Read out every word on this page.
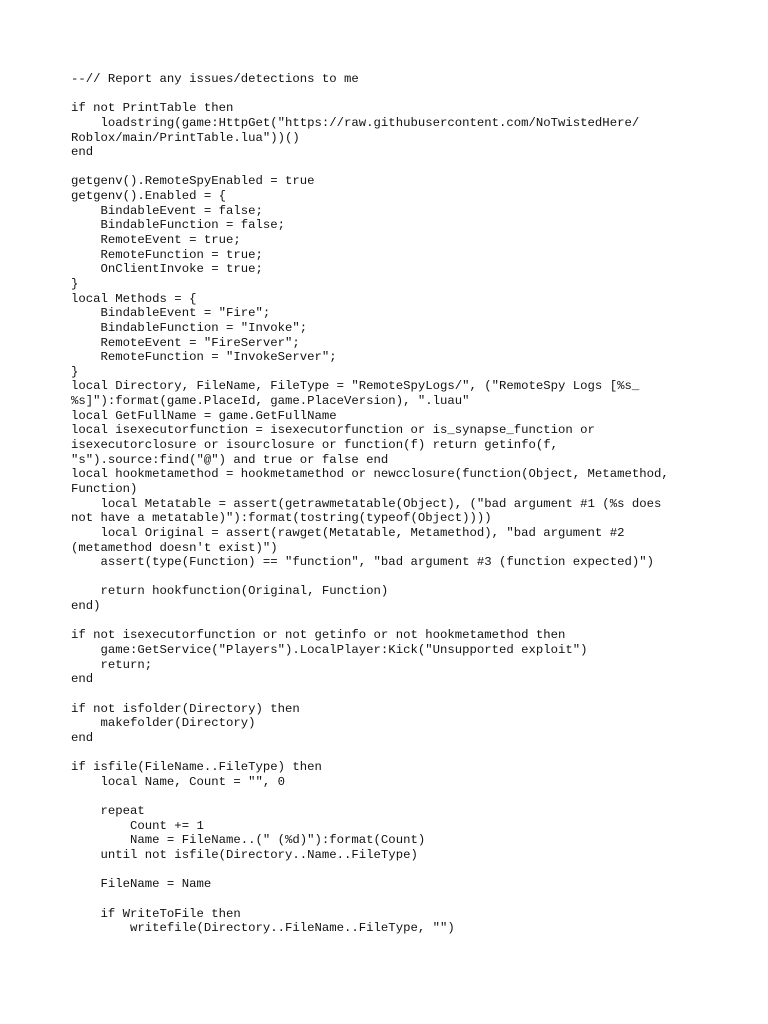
--// Report any issues/detections to me
if not PrintTable then
loadstring(game:HttpGet("https://raw.githubusercontent.com/NoTwistedHere/
Roblox/main/PrintTable.lua"))()
end
getgenv().RemoteSpyEnabled = true
getgenv().Enabled = {
BindableEvent = false;
BindableFunction = false;
RemoteEvent = true;
RemoteFunction = true;
OnClientInvoke = true;
}
local Methods = {
BindableEvent = "Fire";
BindableFunction = "Invoke";
RemoteEvent = "FireServer";
RemoteFunction = "InvokeServer";
}
local Directory, FileName, FileType = "RemoteSpyLogs/", ("RemoteSpy Logs [%s_
%s]"):format(game.PlaceId, game.PlaceVersion), ".luau"
local GetFullName = game.GetFullName
local isexecutorfunction = isexecutorfunction or is_synapse_function or
isexecutorclosure or isourclosure or function(f) return getinfo(f,
"s").source:find("@") and true or false end
local hookmetamethod = hookmetamethod or newcclosure(function(Object, Metamethod,
Function)
local Metatable = assert(getrawmetatable(Object), ("bad argument #1 (%s does
not have a metatable)"):format(tostring(typeof(Object))))
local Original = assert(rawget(Metatable, Metamethod), "bad argument #2
(metamethod doesn't exist)")
assert(type(Function) == "function", "bad argument #3 (function expected)")
return hookfunction(Original, Function)
end)
if not isexecutorfunction or not getinfo or not hookmetamethod then
game:GetService("Players").LocalPlayer:Kick("Unsupported exploit")
return;
end
if not isfolder(Directory) then
makefolder(Directory)
end
if isfile(FileName..FileType) then
local Name, Count = "", 0
repeat
Count += 1
Name = FileName..(" (%d)"):format(Count)
until not isfile(Directory..Name..FileType)
FileName = Name
if WriteToFile then
writefile(Directory..FileName..FileType, "")
